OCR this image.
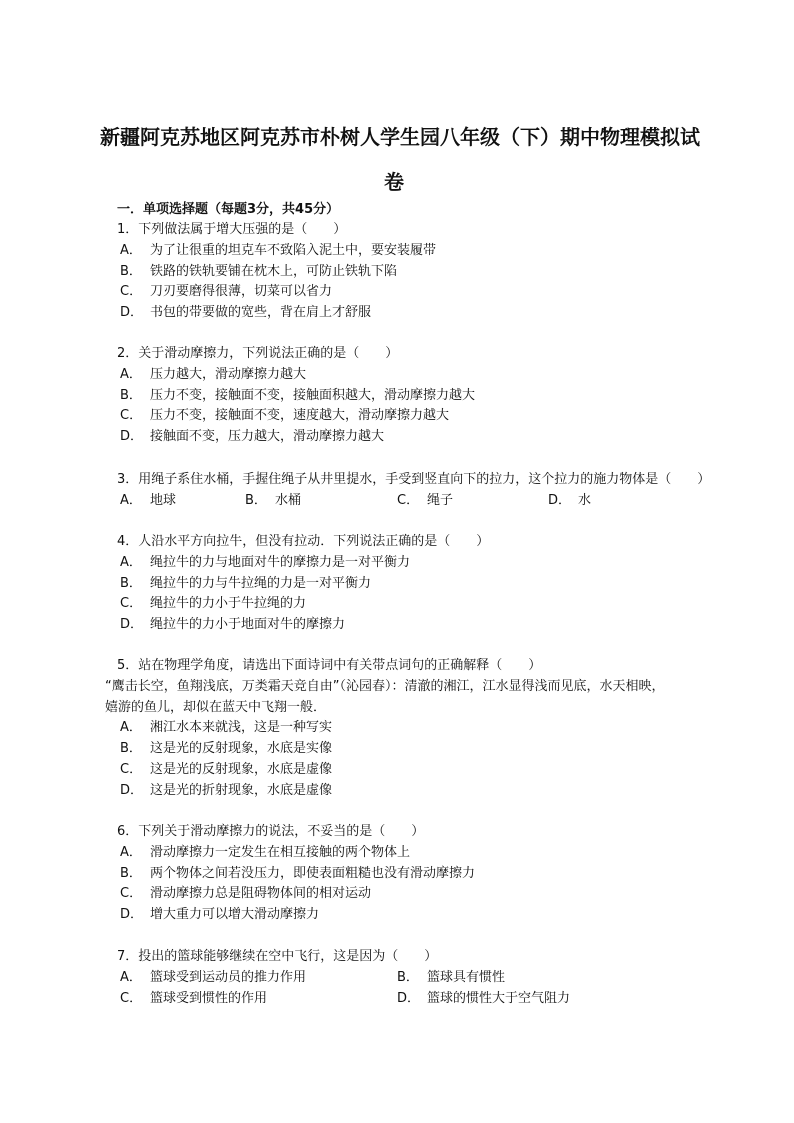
新疆阿克苏地区阿克苏市朴树人学生园八年级（下）期中物理模拟试
卷
一．单项选择题（每题3分，共45分）
1．下列做法属于增大压强的是（　　）
A． 为了让很重的坦克车不致陷入泥土中，要安装履带
B． 铁路的铁轨要铺在枕木上，可防止铁轨下陷
C． 刀刃要磨得很薄，切菜可以省力
D． 书包的带要做的宽些，背在肩上才舒服
2．关于滑动摩擦力，下列说法正确的是（　　）
A． 压力越大，滑动摩擦力越大
B． 压力不变，接触面不变，接触面积越大，滑动摩擦力越大
C． 压力不变，接触面不变，速度越大，滑动摩擦力越大
D． 接触面不变，压力越大，滑动摩擦力越大
3．用绳子系住水桶，手握住绳子从井里提水，手受到竖直向下的拉力，这个拉力的施力物体是（　　）
A． 地球	B． 水桶	C． 绳子	D． 水
4．人沿水平方向拉牛，但没有拉动．下列说法正确的是（　　）
A． 绳拉牛的力与地面对牛的摩擦力是一对平衡力
B． 绳拉牛的力与牛拉绳的力是一对平衡力
C． 绳拉牛的力小于牛拉绳的力
D． 绳拉牛的力小于地面对牛的摩擦力
5．站在物理学角度，请选出下面诗词中有关带点词句的正确解释（　　）
“鹰击长空，鱼翔浅底，万类霜天竞自由”（沁园春）：清澈的湘江，江水显得浅而见底，水天相映，
嬉游的鱼儿，却似在蓝天中飞翔一般．
A． 湘江水本来就浅，这是一种写实
B． 这是光的反射现象，水底是实像
C． 这是光的反射现象，水底是虚像
D． 这是光的折射现象，水底是虚像
6．下列关于滑动摩擦力的说法，不妥当的是（　　）
A． 滑动摩擦力一定发生在相互接触的两个物体上
B． 两个物体之间若没压力，即使表面粗糙也没有滑动摩擦力
C． 滑动摩擦力总是阻碍物体间的相对运动
D． 增大重力可以增大滑动摩擦力
7．投出的篮球能够继续在空中飞行，这是因为（　　）
A． 篮球受到运动员的推力作用	B． 篮球具有惯性
C． 篮球受到惯性的作用	D． 篮球的惯性大于空气阻力
